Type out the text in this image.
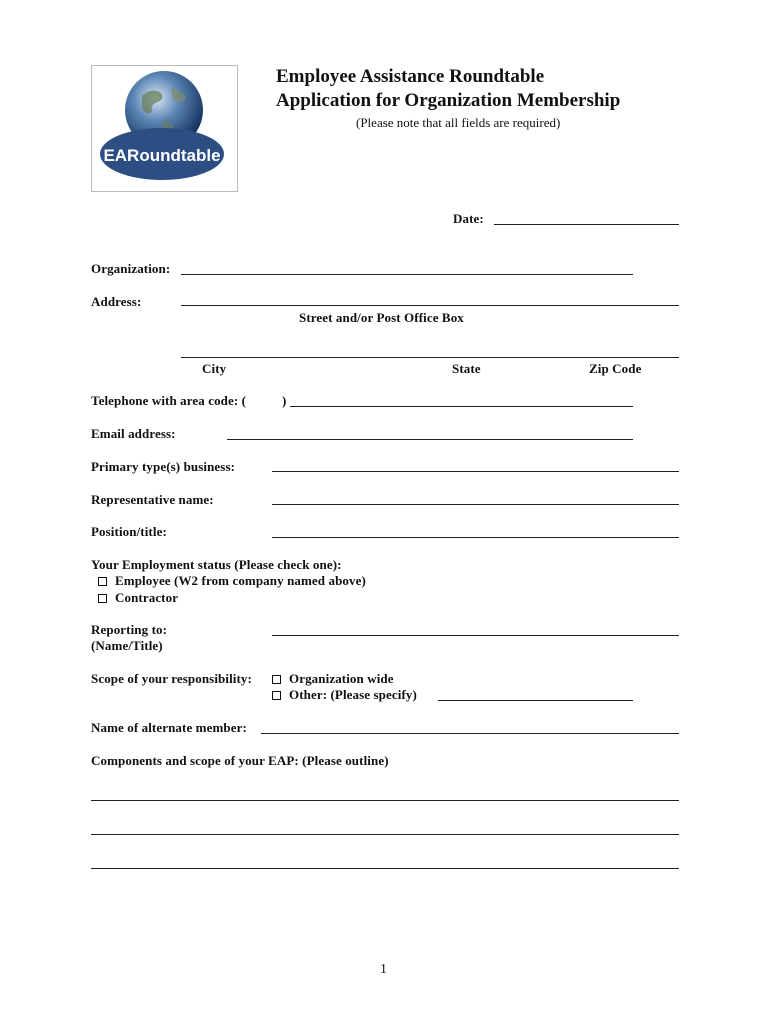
EARoundtable
Employee Assistance Roundtable
Application for Organization Membership
(Please note that all fields are required)
Date:
Organization:
Address:
Street and/or Post Office Box
City	State	Zip Code
Telephone with area code: (	)
Email address:
Primary type(s) business:
Representative name:
Position/title:
Your Employment status (Please check one):
Employee (W2 from company named above)
Contractor
Reporting to:
(Name/Title)
Scope of your responsibility:	Organization wide
Other: (Please specify)
Name of alternate member:
Components and scope of your EAP: (Please outline)
1
